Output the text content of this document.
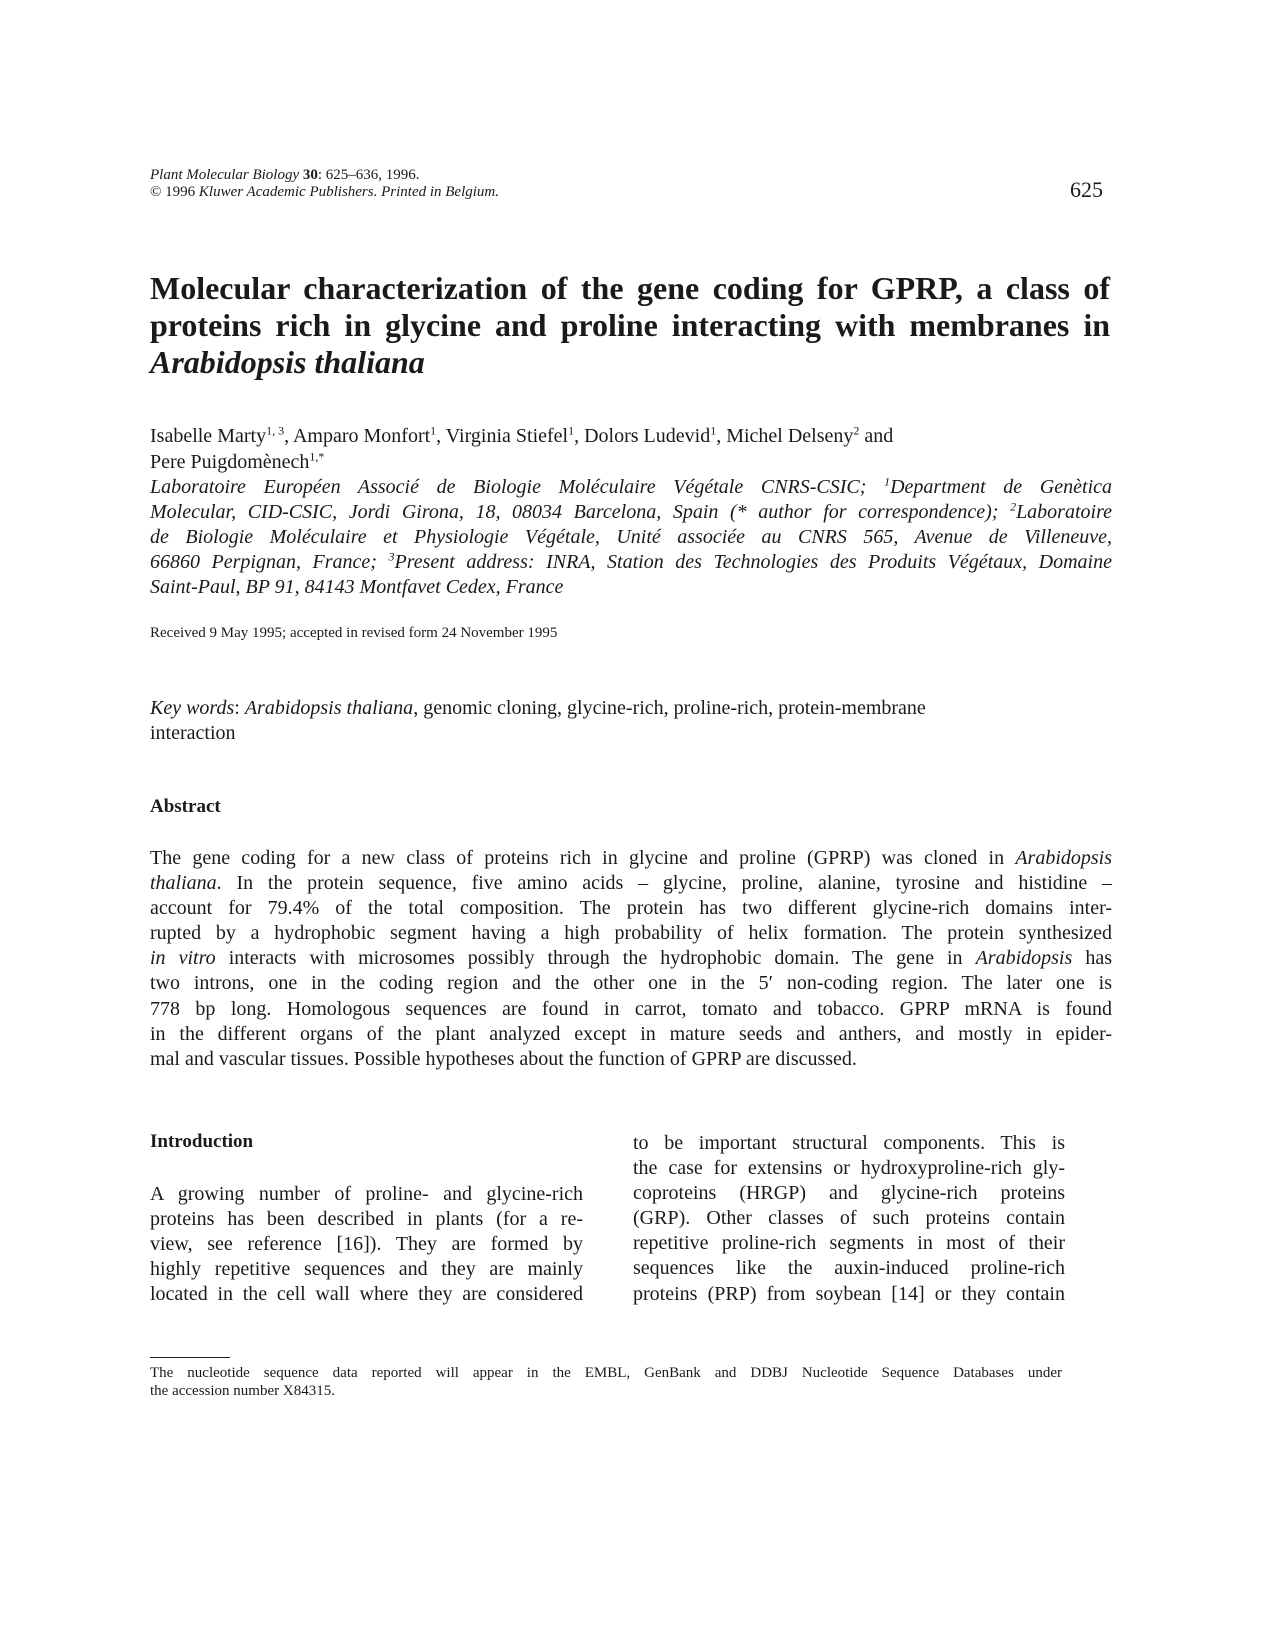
Plant Molecular Biology 30: 625–636, 1996.
© 1996 Kluwer Academic Publishers. Printed in Belgium.	625
Molecular characterization of the gene coding for GPRP, a class of
proteins rich in glycine and proline interacting with membranes in
Arabidopsis thaliana
Isabelle Marty$^{1, 3}$, Amparo Monfort$^1$, Virginia Stiefel$^1$, Dolors Ludevid$^1$, Michel Delseny$^2$ and
Pere Puigdomènech$^{1,*}$
Laboratoire Européen Associé de Biologie Moléculaire Végétale CNRS-CSIC; $^1$Department de Genètica
Molecular, CID-CSIC, Jordi Girona, 18, 08034 Barcelona, Spain (* author for correspondence); $^2$Laboratoire
de Biologie Moléculaire et Physiologie Végétale, Unité associée au CNRS 565, Avenue de Villeneuve,
66860 Perpignan, France; $^3$Present address: INRA, Station des Technologies des Produits Végétaux, Domaine
Saint-Paul, BP 91, 84143 Montfavet Cedex, France
Received 9 May 1995; accepted in revised form 24 November 1995
Key words: Arabidopsis thaliana, genomic cloning, glycine-rich, proline-rich, protein-membrane
interaction
Abstract
The gene coding for a new class of proteins rich in glycine and proline (GPRP) was cloned in Arabidopsis
thaliana. In the protein sequence, five amino acids – glycine, proline, alanine, tyrosine and histidine –
account for 79.4% of the total composition. The protein has two different glycine-rich domains inter-
rupted by a hydrophobic segment having a high probability of helix formation. The protein synthesized
in vitro interacts with microsomes possibly through the hydrophobic domain. The gene in Arabidopsis has
two introns, one in the coding region and the other one in the 5′ non-coding region. The later one is
778 bp long. Homologous sequences are found in carrot, tomato and tobacco. GPRP mRNA is found
in the different organs of the plant analyzed except in mature seeds and anthers, and mostly in epider-
mal and vascular tissues. Possible hypotheses about the function of GPRP are discussed.
Introduction
A growing number of proline- and glycine-rich
proteins has been described in plants (for a re-
view, see reference [16]). They are formed by
highly repetitive sequences and they are mainly
located in the cell wall where they are considered
to be important structural components. This is
the case for extensins or hydroxyproline-rich gly-
coproteins (HRGP) and glycine-rich proteins
(GRP). Other classes of such proteins contain
repetitive proline-rich segments in most of their
sequences like the auxin-induced proline-rich
proteins (PRP) from soybean [14] or they contain
The nucleotide sequence data reported will appear in the EMBL, GenBank and DDBJ Nucleotide Sequence Databases under
the accession number X84315.
